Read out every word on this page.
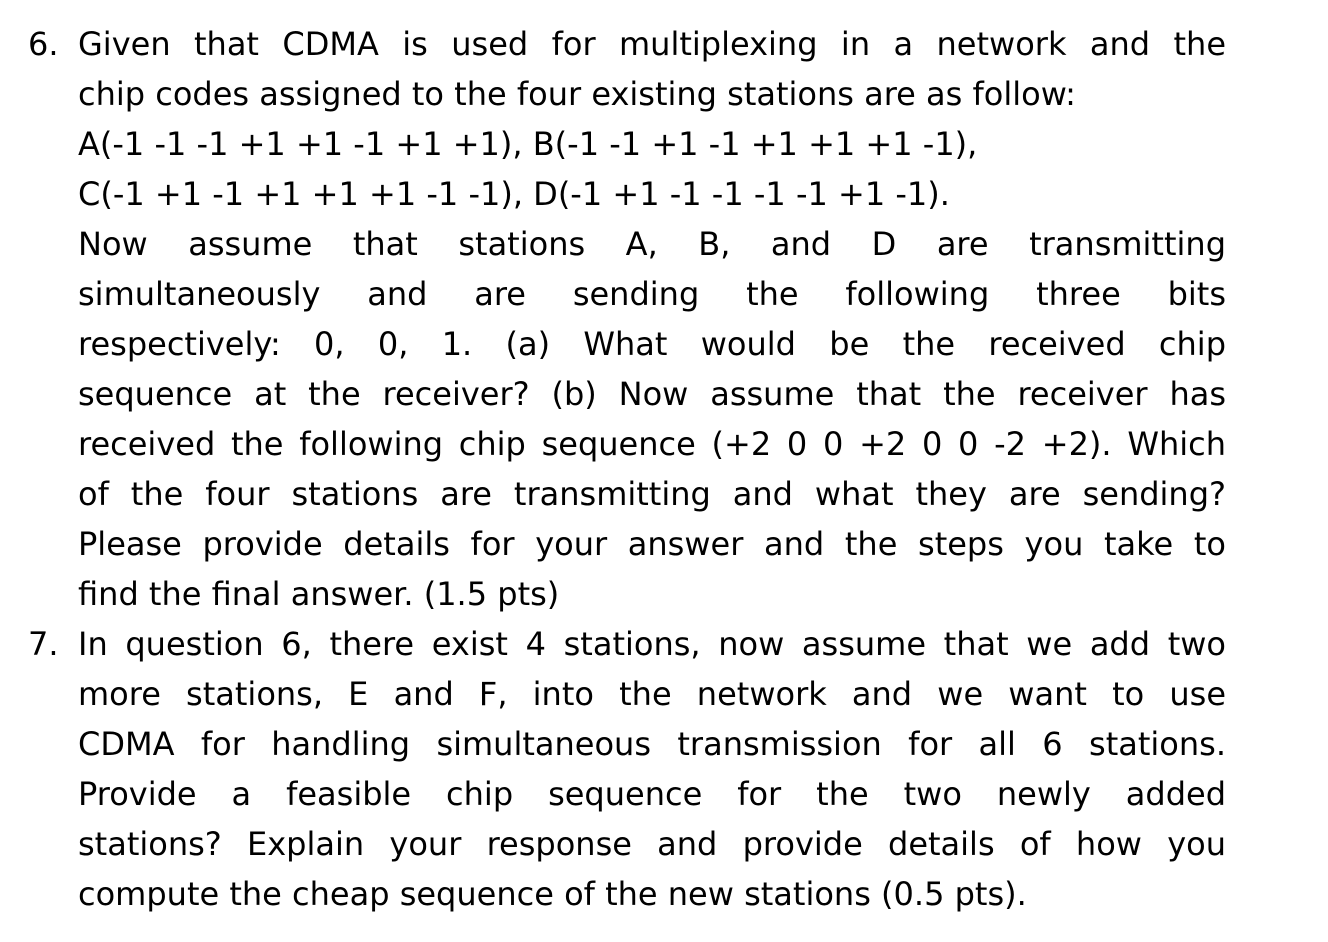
6. Given that CDMA is used for multiplexing in a network and the
chip codes assigned to the four existing stations are as follow:
A(-1 -1 -1 +1 +1 -1 +1 +1), B(-1 -1 +1 -1 +1 +1 +1 -1),
C(-1 +1 -1 +1 +1 +1 -1 -1), D(-1 +1 -1 -1 -1 -1 +1 -1).
Now assume that stations A, B, and D are transmitting
simultaneously and are sending the following three bits
respectively: 0, 0, 1. (a) What would be the received chip
sequence at the receiver? (b) Now assume that the receiver has
received the following chip sequence (+2 0 0 +2 0 0 -2 +2). Which
of the four stations are transmitting and what they are sending?
Please provide details for your answer and the steps you take to
find the final answer. (1.5 pts)
7. In question 6, there exist 4 stations, now assume that we add two
more stations, E and F, into the network and we want to use
CDMA for handling simultaneous transmission for all 6 stations.
Provide a feasible chip sequence for the two newly added
stations? Explain your response and provide details of how you
compute the cheap sequence of the new stations (0.5 pts).
